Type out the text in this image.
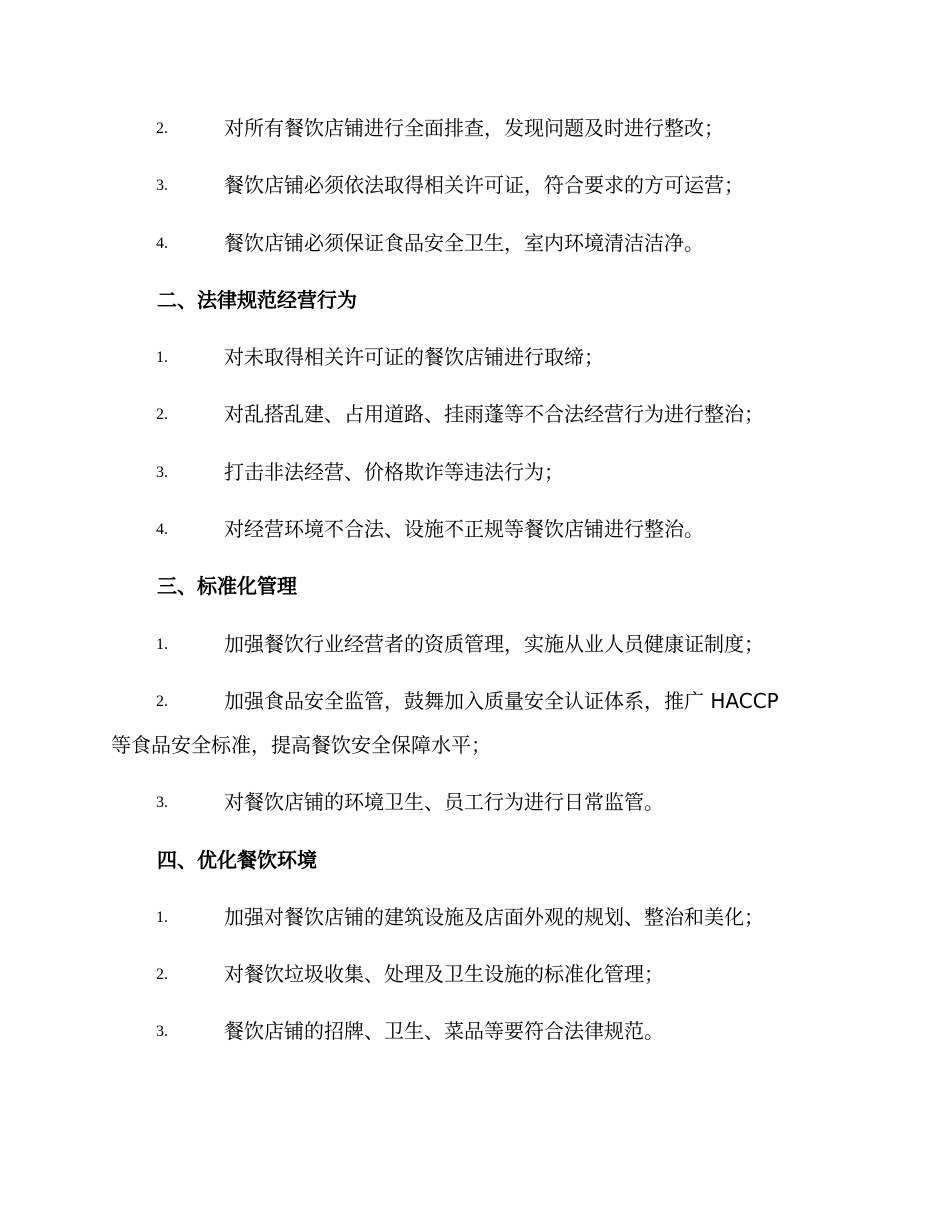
2.	对所有餐饮店铺进行全面排查，发现问题及时进行整改；
3.	餐饮店铺必须依法取得相关许可证，符合要求的方可运营；
4.	餐饮店铺必须保证食品安全卫生，室内环境清洁洁净。
二、法律规范经营行为
1.	对未取得相关许可证的餐饮店铺进行取缔；
2.	对乱搭乱建、占用道路、挂雨蓬等不合法经营行为进行整治；
3.	打击非法经营、价格欺诈等违法行为；
4.	对经营环境不合法、设施不正规等餐饮店铺进行整治。
三、标准化管理
1.	加强餐饮行业经营者的资质管理，实施从业人员健康证制度；
2.	加强食品安全监管，鼓舞加入质量安全认证体系，推广 HACCP
等食品安全标准，提高餐饮安全保障水平；
3.	对餐饮店铺的环境卫生、员工行为进行日常监管。
四、优化餐饮环境
1.	加强对餐饮店铺的建筑设施及店面外观的规划、整治和美化；
2.	对餐饮垃圾收集、处理及卫生设施的标准化管理；
3.	餐饮店铺的招牌、卫生、菜品等要符合法律规范。
